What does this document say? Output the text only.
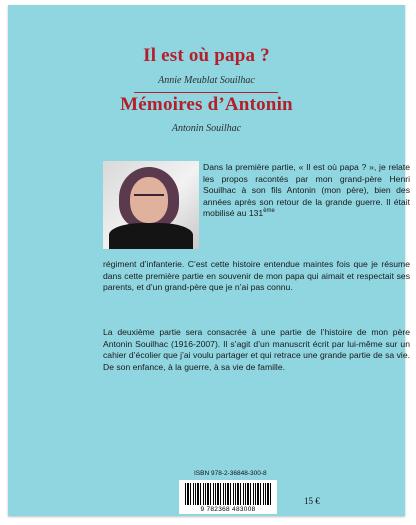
Il est où papa ?
Annie Meublat Souilhac
Mémoires d’Antonin
Antonin Souilhac

Dans la première partie, « Il est où papa ? », je relate les propos racontés par mon grand-père Henri Souilhac à son fils Antonin (mon père), bien des années après son retour de la grande guerre. Il était mobilisé au 131ème

régiment d’infanterie. C’est cette histoire entendue maintes fois que je résume dans cette première partie en souvenir de mon papa qui aimait et respectait ses parents, et d’un grand-père que je n’ai pas connu.

La deuxième partie sera consacrée à une partie de l’histoire de mon père Antonin Souilhac (1916-2007). Il s’agit d’un manuscrit écrit par lui-même sur un cahier d’écolier que j’ai voulu partager et qui retrace une grande partie de sa vie. De son enfance, à la guerre, à sa vie de famille.

ISBN 978-2-36848-300-8
9 782368 483008
15 €
